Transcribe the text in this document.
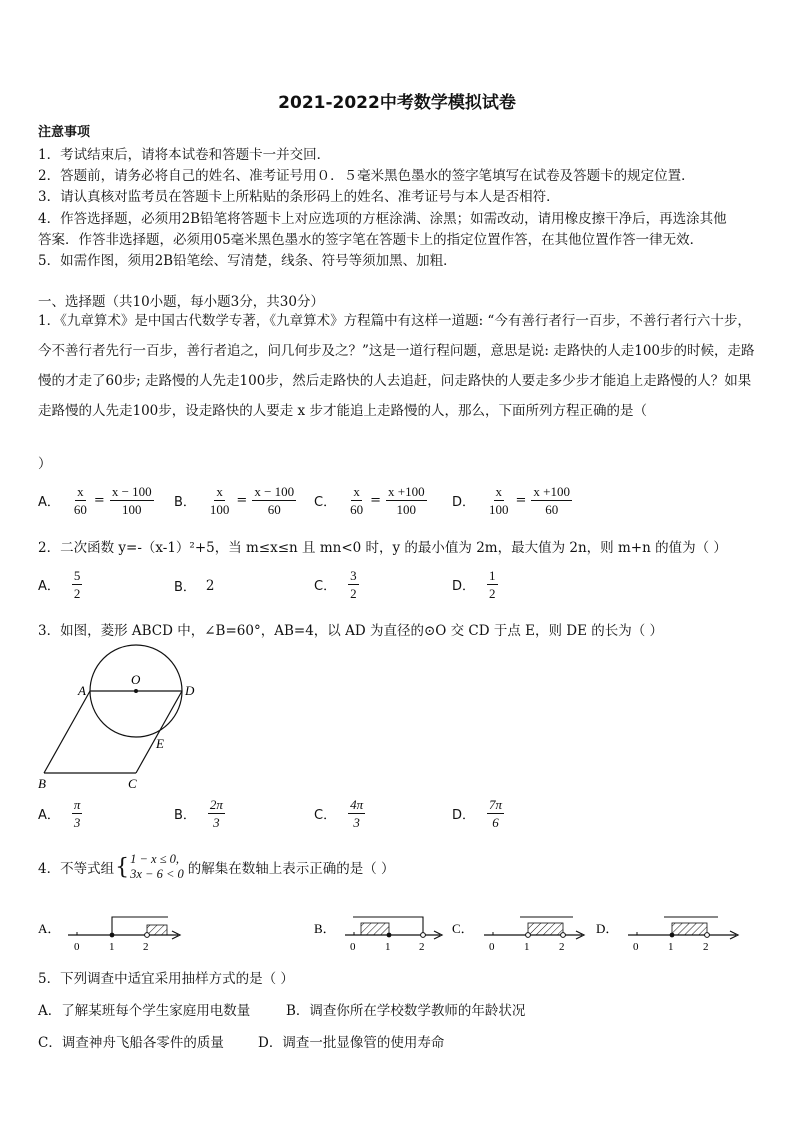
2021-2022中考数学模拟试卷
注意事项
1．考试结束后，请将本试卷和答题卡一并交回．
2．答题前，请务必将自己的姓名、准考证号用０．５毫米黑色墨水的签字笔填写在试卷及答题卡的规定位置．
3．请认真核对监考员在答题卡上所粘贴的条形码上的姓名、准考证号与本人是否相符．
4．作答选择题，必须用2B铅笔将答题卡上对应选项的方框涂满、涂黑；如需改动，请用橡皮擦干净后，再选涂其他
答案．作答非选择题，必须用05毫米黑色墨水的签字笔在答题卡上的指定位置作答，在其他位置作答一律无效．
5．如需作图，须用2B铅笔绘、写清楚，线条、符号等须加黑、加粗．
一、选择题（共10小题，每小题3分，共30分）
1．《九章算术》是中国古代数学专著，《九章算术》方程篇中有这样一道题: “今有善行者行一百步，不善行者行六十步，今不善行者先行一百步，善行者追之，问几何步及之？”这是一道行程问题，意思是说: 走路快的人走100步的时候，走路慢的才走了60步; 走路慢的人先走100步，然后走路快的人去追赶，问走路快的人要走多少步才能追上走路慢的人？如果走路慢的人先走100步，设走路快的人要走 x 步才能追上走路慢的人，那么，下面所列方程正确的是（
）
A． $\frac{x}{60} = \frac{x - 100}{100}$ B． $\frac{x}{100} = \frac{x - 100}{60}$ C． $\frac{x}{60} = \frac{x +100}{100}$ D． $\frac{x}{100} = \frac{x +100}{60}$
2．二次函数 y=-（x-1）²+5，当 m≤x≤n 且 mn<0 时，y 的最小值为 2m，最大值为 2n，则 m+n 的值为（ ）
A． $\frac{5}{2}$	B． 2	C． $\frac{3}{2}$	D． $\frac{1}{2}$
3．如图，菱形 ABCD 中，∠B=60°，AB=4，以 AD 为直径的⊙O 交 CD 于点 E，则 DE 的长为（ ）
A
O
D
E
B	C
A． $\frac{\pi}{3}$	B． $\frac{2\pi}{3}$	C． $\frac{4\pi}{3}$	D． $\frac{7\pi}{6}$
4．不等式组 { 1 − x ≤ 0,
3x − 6 < 0 的解集在数轴上表示正确的是（ ）
A．
0	1	2
B．
0	1	2
C．
0	1	2
D．
0	1	2
5．下列调查中适宜采用抽样方式的是（ ）
A．了解某班每个学生家庭用电数量	B．调查你所在学校数学教师的年龄状况
C．调查神舟飞船各零件的质量	D．调查一批显像管的使用寿命
